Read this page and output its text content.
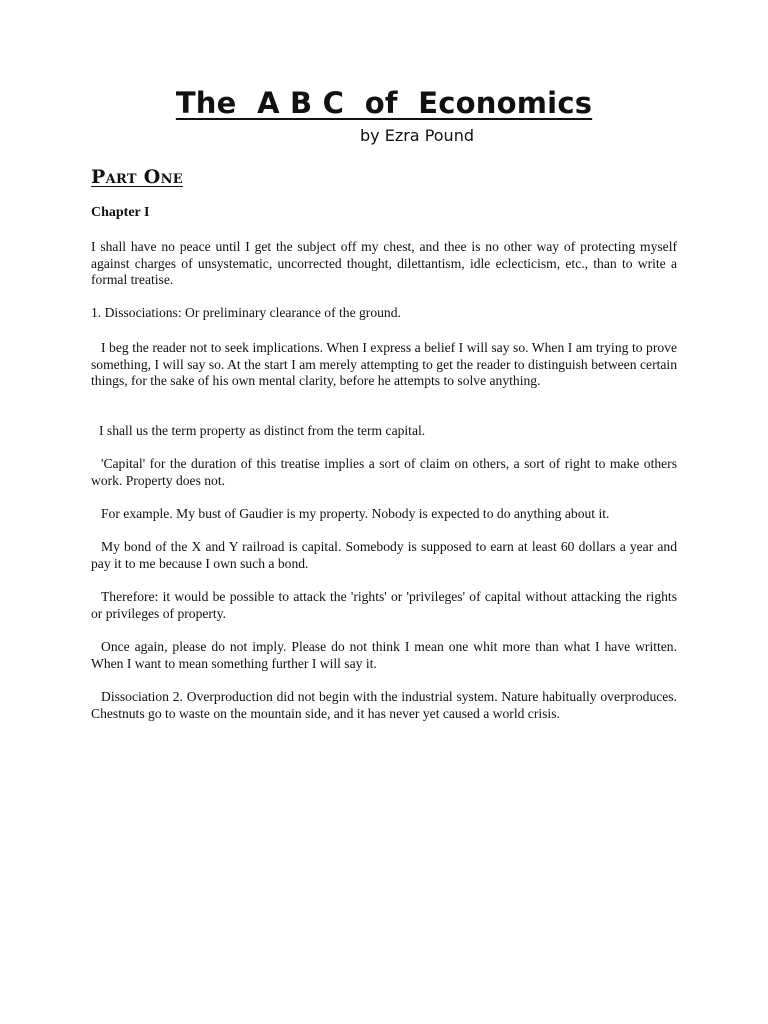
The  A B C  of  Economics
by Ezra Pound
Part One
Chapter I

I shall have no peace until I get the subject off my chest, and thee is no other way of protecting myself against charges of unsystematic, uncorrected thought, dilettantism, idle eclecticism, etc., than to write a formal treatise.

1. Dissociations: Or preliminary clearance of the ground.

I beg the reader not to seek implications. When I express a belief I will say so. When I am trying to prove something, I will say so. At the start I am merely attempting to get the reader to distinguish between certain things, for the sake of his own mental clarity, before he attempts to solve anything.

I shall us the term property as distinct from the term capital.

'Capital' for the duration of this treatise implies a sort of claim on others, a sort of right to make others work. Property does not.

For example. My bust of Gaudier is my property. Nobody is expected to do anything about it.

My bond of the X and Y railroad is capital. Somebody is supposed to earn at least 60 dollars a year and pay it to me because I own such a bond.

Therefore: it would be possible to attack the 'rights' or 'privileges' of capital without attacking the rights or privileges of property.

Once again, please do not imply. Please do not think I mean one whit more than what I have written. When I want to mean something further I will say it.

Dissociation 2. Overproduction did not begin with the industrial system. Nature habitually overproduces. Chestnuts go to waste on the mountain side, and it has never yet caused a world crisis.
